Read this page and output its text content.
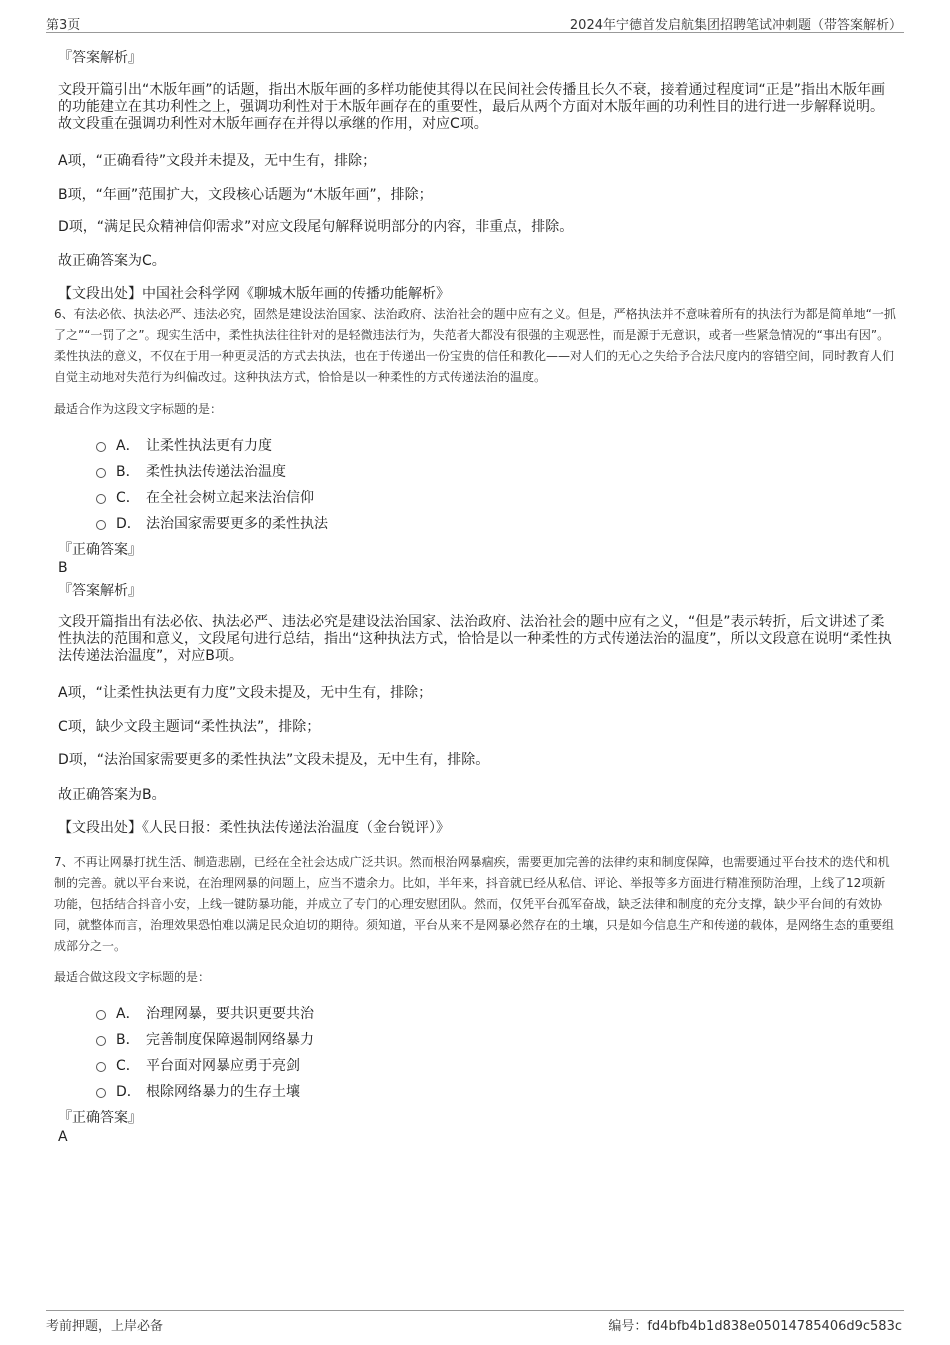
第3页	2024年宁德首发启航集团招聘笔试冲刺题（带答案解析）
『答案解析』
文段开篇引出“木版年画”的话题，指出木版年画的多样功能使其得以在民间社会传播且长久不衰，接着通过程度词“正是”指出木版年画的功能建立在其功利性之上，强调功利性对于木版年画存在的重要性，最后从两个方面对木版年画的功利性目的进行进一步解释说明。故文段重在强调功利性对木版年画存在并得以承继的作用，对应C项。
A项，“正确看待”文段并未提及，无中生有，排除；
B项，“年画”范围扩大，文段核心话题为“木版年画”，排除；
D项，“满足民众精神信仰需求”对应文段尾句解释说明部分的内容，非重点，排除。
故正确答案为C。
【文段出处】中国社会科学网《聊城木版年画的传播功能解析》
6、有法必依、执法必严、违法必究，固然是建设法治国家、法治政府、法治社会的题中应有之义。但是，严格执法并不意味着所有的执法行为都是简单地“一抓了之”“一罚了之”。现实生活中，柔性执法往往针对的是轻微违法行为，失范者大都没有很强的主观恶性，而是源于无意识，或者一些紧急情况的“事出有因”。柔性执法的意义，不仅在于用一种更灵活的方式去执法，也在于传递出一份宝贵的信任和教化——对人们的无心之失给予合法尺度内的容错空间，同时教育人们自觉主动地对失范行为纠偏改过。这种执法方式，恰恰是以一种柔性的方式传递法治的温度。
最适合作为这段文字标题的是：
A． 让柔性执法更有力度
B． 柔性执法传递法治温度
C． 在全社会树立起来法治信仰
D． 法治国家需要更多的柔性执法
『正确答案』
B
『答案解析』
文段开篇指出有法必依、执法必严、违法必究是建设法治国家、法治政府、法治社会的题中应有之义，“但是”表示转折，后文讲述了柔性执法的范围和意义，文段尾句进行总结，指出“这种执法方式，恰恰是以一种柔性的方式传递法治的温度”，所以文段意在说明“柔性执法传递法治温度”，对应B项。
A项，“让柔性执法更有力度”文段未提及，无中生有，排除；
C项，缺少文段主题词“柔性执法”，排除；
D项，“法治国家需要更多的柔性执法”文段未提及，无中生有，排除。
故正确答案为B。
【文段出处】《人民日报：柔性执法传递法治温度（金台锐评）》
7、不再让网暴打扰生活、制造悲剧，已经在全社会达成广泛共识。然而根治网暴痼疾，需要更加完善的法律约束和制度保障，也需要通过平台技术的迭代和机制的完善。就以平台来说，在治理网暴的问题上，应当不遗余力。比如，半年来，抖音就已经从私信、评论、举报等多方面进行精准预防治理，上线了12项新功能，包括结合抖音小安，上线一键防暴功能，并成立了专门的心理安慰团队。然而，仅凭平台孤军奋战，缺乏法律和制度的充分支撑，缺少平台间的有效协同，就整体而言，治理效果恐怕难以满足民众迫切的期待。须知道，平台从来不是网暴必然存在的土壤，只是如今信息生产和传递的载体，是网络生态的重要组成部分之一。
最适合做这段文字标题的是：
A． 治理网暴，要共识更要共治
B． 完善制度保障遏制网络暴力
C． 平台面对网暴应勇于亮剑
D． 根除网络暴力的生存土壤
『正确答案』
A
考前押题，上岸必备	编号：fd4bfb4b1d838e05014785406d9c583c
